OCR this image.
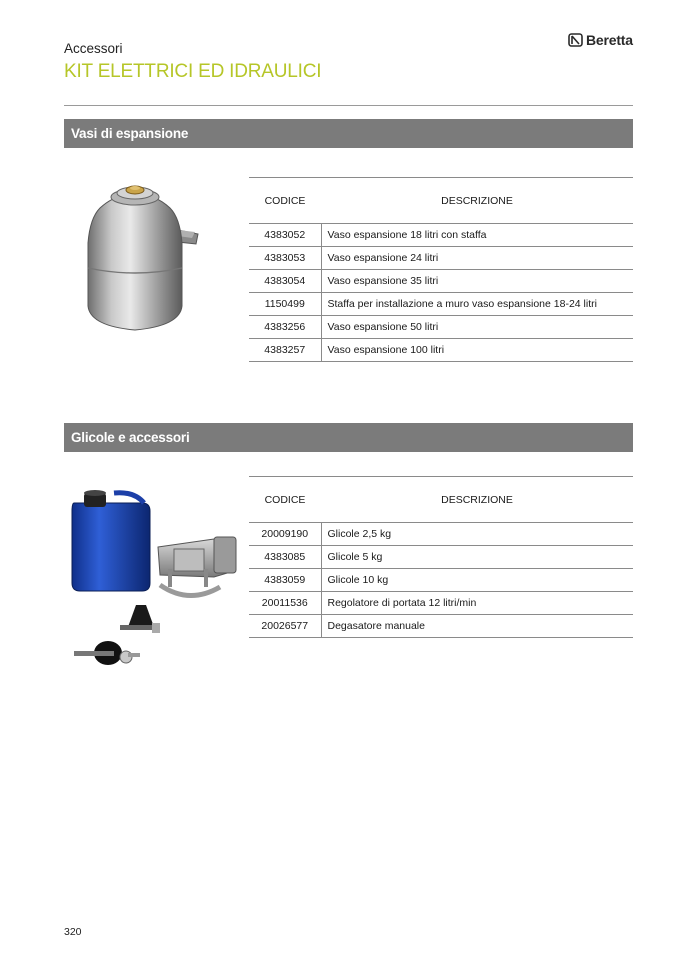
Accessori
KIT ELETTRICI ED IDRAULICI
Beretta
Vasi di espansione
CODICE	DESCRIZIONE
4383052	Vaso espansione 18 litri con staffa
4383053	Vaso espansione 24 litri
4383054	Vaso espansione 35 litri
1150499	Staffa per installazione a muro vaso espansione 18-24 litri
4383256	Vaso espansione 50 litri
4383257	Vaso espansione 100 litri
Glicole e accessori
CODICE	DESCRIZIONE
20009190	Glicole 2,5 kg
4383085	Glicole 5 kg
4383059	Glicole 10 kg
20011536	Regolatore di portata 12 litri/min
20026577	Degasatore manuale
320
